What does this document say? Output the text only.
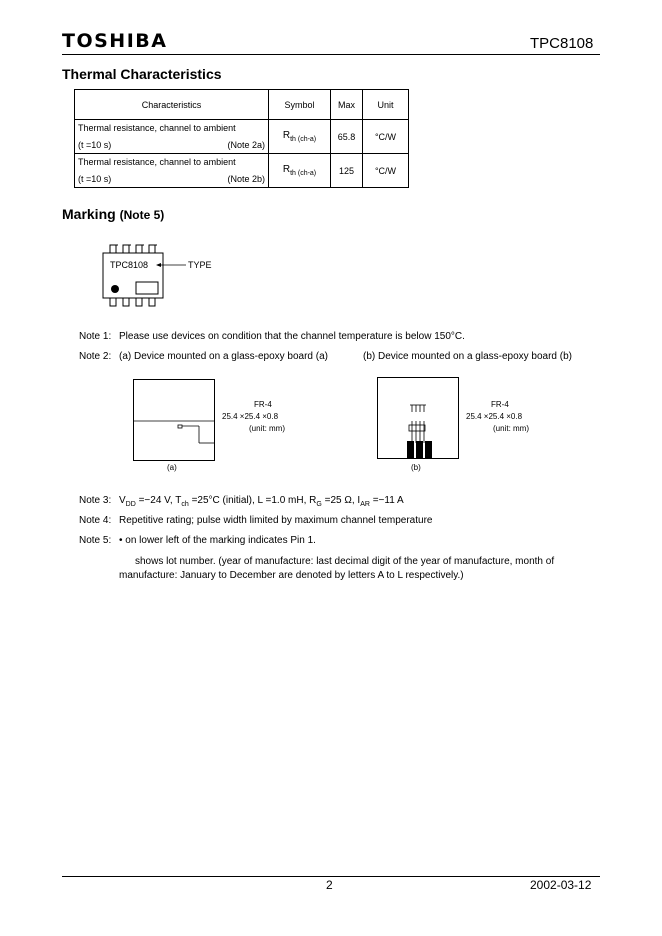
TOSHIBA	TPC8108
Thermal Characteristics
Characteristics	Symbol	Max	Unit

Thermal resistance, channel to ambient
(t =10 s) (Note 2a)	$R_{th (ch-a)}$	65.8	°C/W

Thermal resistance, channel to ambient
(t =10 s) (Note 2b)	$R_{th (ch-a)}$	125	°C/W
Marking (Note 5)
TPC8108	TYPE
Note 1: Please use devices on condition that the channel temperature is below 150°C.
Note 2: (a) Device mounted on a glass-epoxy board (a)	(b) Device mounted on a glass-epoxy board (b)
FR-4
25.4 ×25.4 ×0.8
(unit: mm)
(a)
FR-4
25.4 ×25.4 ×0.8
(unit: mm)
(b)
Note 3: $V_{DD} =-24$ V, $T_{ch} =25^\circ C$ (initial), L =1.0 mH, $R_G =25$ Ω, $I_{AR} =-11$ A
Note 4: Repetitive rating; pulse width limited by maximum channel temperature
Note 5: • on lower left of the marking indicates Pin 1.
shows lot number. (year of manufacture: last decimal digit of the year of manufacture, month of
manufacture: January to December are denoted by letters A to L respectively.)
2	2002-03-12
